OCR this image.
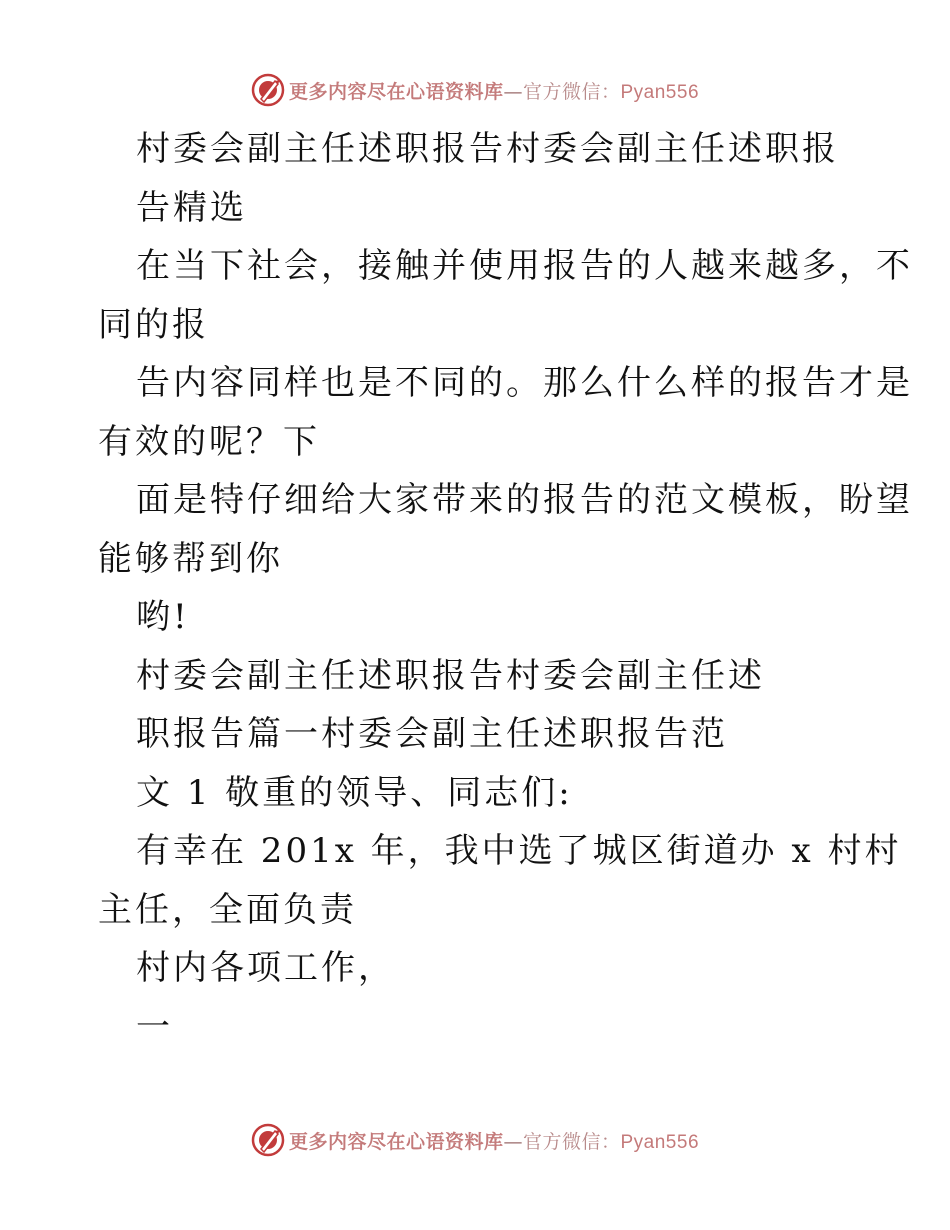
更多内容尽在心语资料库—官方微信：Pyan556
村委会副主任述职报告村委会副主任述职报
告精选
在当下社会，接触并使用报告的人越来越多，不
同的报
告内容同样也是不同的。那么什么样的报告才是
有效的呢？下
面是特仔细给大家带来的报告的范文模板，盼望
能够帮到你
哟!
村委会副主任述职报告村委会副主任述
职报告篇一村委会副主任述职报告范
文 1 敬重的领导、同志们:
有幸在 201x 年，我中选了城区街道办 x 村村
主任，全面负责
村内各项工作，
一
更多内容尽在心语资料库—官方微信：Pyan556
